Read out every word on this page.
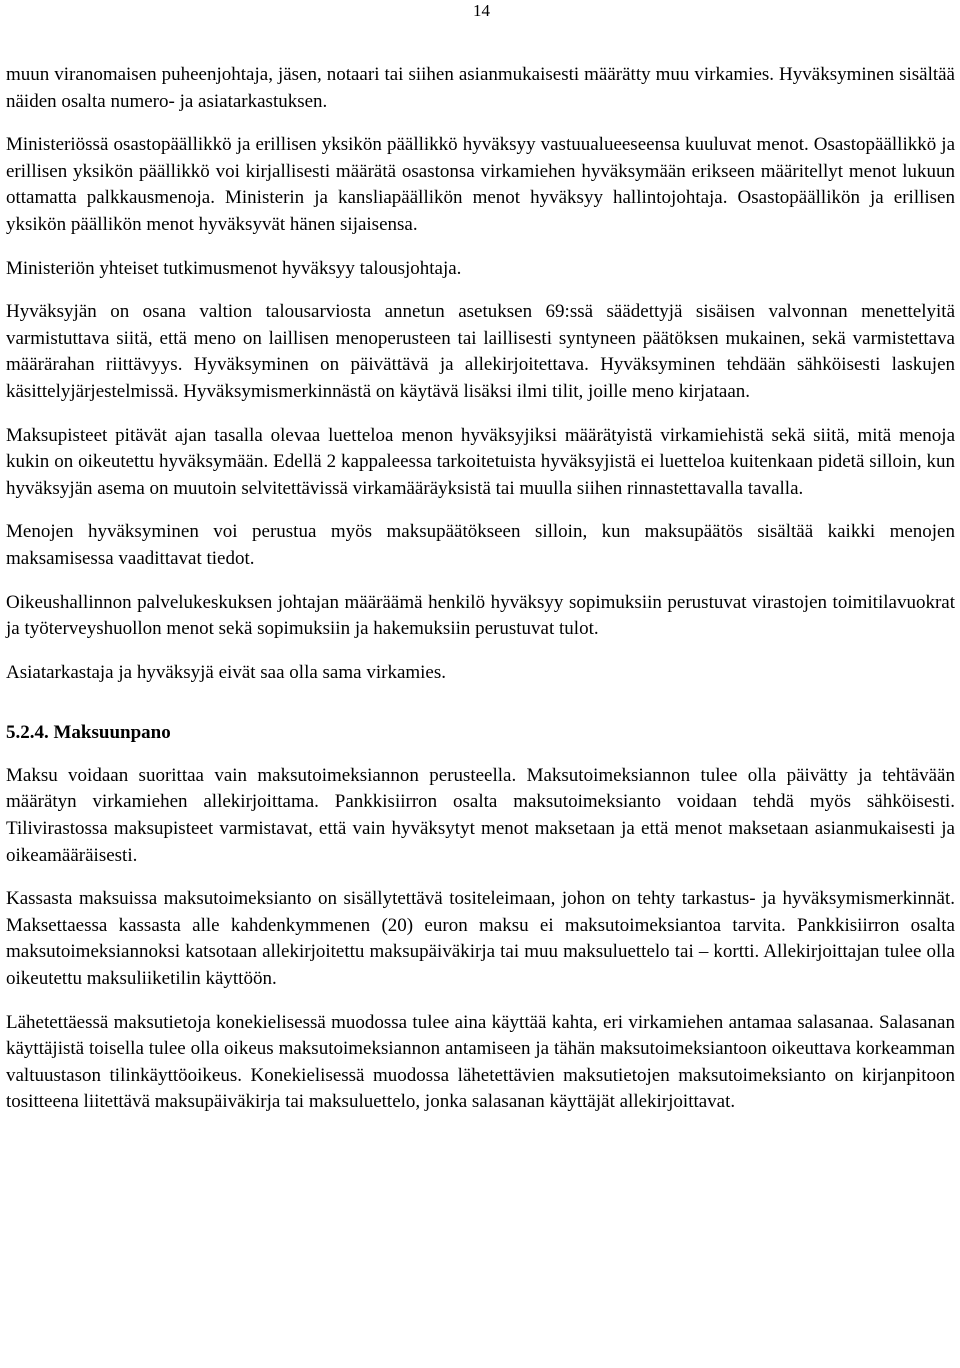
14

muun viranomaisen puheenjohtaja, jäsen, notaari tai siihen asianmukaisesti määrätty muu virkamies. Hyväksyminen sisältää näiden osalta numero- ja asiatarkastuksen.

Ministeriössä osastopäällikkö ja erillisen yksikön päällikkö hyväksyy vastuualueeseensa kuuluvat menot. Osastopäällikkö ja erillisen yksikön päällikkö voi kirjallisesti määrätä osastonsa virkamiehen hyväksymään erikseen määritellyt menot lukuun ottamatta palkkausmenoja. Ministerin ja kansliapäällikön menot hyväksyy hallintojohtaja. Osastopäällikön ja erillisen yksikön päällikön menot hyväksyvät hänen sijaisensa.

Ministeriön yhteiset tutkimusmenot hyväksyy talousjohtaja.

Hyväksyjän on osana valtion talousarviosta annetun asetuksen 69:ssä säädettyjä sisäisen valvonnan menettelyitä varmistuttava siitä, että meno on laillisen menoperusteen tai laillisesti syntyneen päätöksen mukainen, sekä varmistettava määrärahan riittävyys. Hyväksyminen on päivättävä ja allekirjoitettava. Hyväksyminen tehdään sähköisesti laskujen käsittelyjärjestelmissä. Hyväksymismerkinnästä on käytävä lisäksi ilmi tilit, joille meno kirjataan.

Maksupisteet pitävät ajan tasalla olevaa luetteloa menon hyväksyjiksi määrätyistä virkamiehistä sekä siitä, mitä menoja kukin on oikeutettu hyväksymään. Edellä 2 kappaleessa tarkoitetuista hyväksyjistä ei luetteloa kuitenkaan pidetä silloin, kun hyväksyjän asema on muutoin selvitettävissä virkamääräyksistä tai muulla siihen rinnastettavalla tavalla.

Menojen hyväksyminen voi perustua myös maksupäätökseen silloin, kun maksupäätös sisältää kaikki menojen maksamisessa vaadittavat tiedot.

Oikeushallinnon palvelukeskuksen johtajan määräämä henkilö hyväksyy sopimuksiin perustuvat virastojen toimitilavuokrat ja työterveyshuollon menot sekä sopimuksiin ja hakemuksiin perustuvat tulot.

Asiatarkastaja ja hyväksyjä eivät saa olla sama virkamies.

5.2.4. Maksuunpano

Maksu voidaan suorittaa vain maksutoimeksiannon perusteella. Maksutoimeksiannon tulee olla päivätty ja tehtävään määrätyn virkamiehen allekirjoittama. Pankkisiirron osalta maksutoimeksianto voidaan tehdä myös sähköisesti. Tilivirastossa maksupisteet varmistavat, että vain hyväksytyt menot maksetaan ja että menot maksetaan asianmukaisesti ja oikeamääräisesti.

Kassasta maksuissa maksutoimeksianto on sisällytettävä tositeleimaan, johon on tehty tarkastus- ja hyväksymismerkinnät. Maksettaessa kassasta alle kahdenkymmenen (20) euron maksu ei maksutoimeksiantoa tarvita. Pankkisiirron osalta maksutoimeksiannoksi katsotaan allekirjoitettu maksupäiväkirja tai muu maksuluettelo tai – kortti. Allekirjoittajan tulee olla oikeutettu maksuliiketilin käyttöön.

Lähetettäessä maksutietoja konekielisessä muodossa tulee aina käyttää kahta, eri virkamiehen antamaa salasanaa. Salasanan käyttäjistä toisella tulee olla oikeus maksutoimeksiannon antamiseen ja tähän maksutoimeksiantoon oikeuttava korkeamman valtuustason tilinkäyttöoikeus. Konekielisessä muodossa lähetettävien maksutietojen maksutoimeksianto on kirjanpitoon tositteena liitettävä maksupäiväkirja tai maksuluettelo, jonka salasanan käyttäjät allekirjoittavat.
